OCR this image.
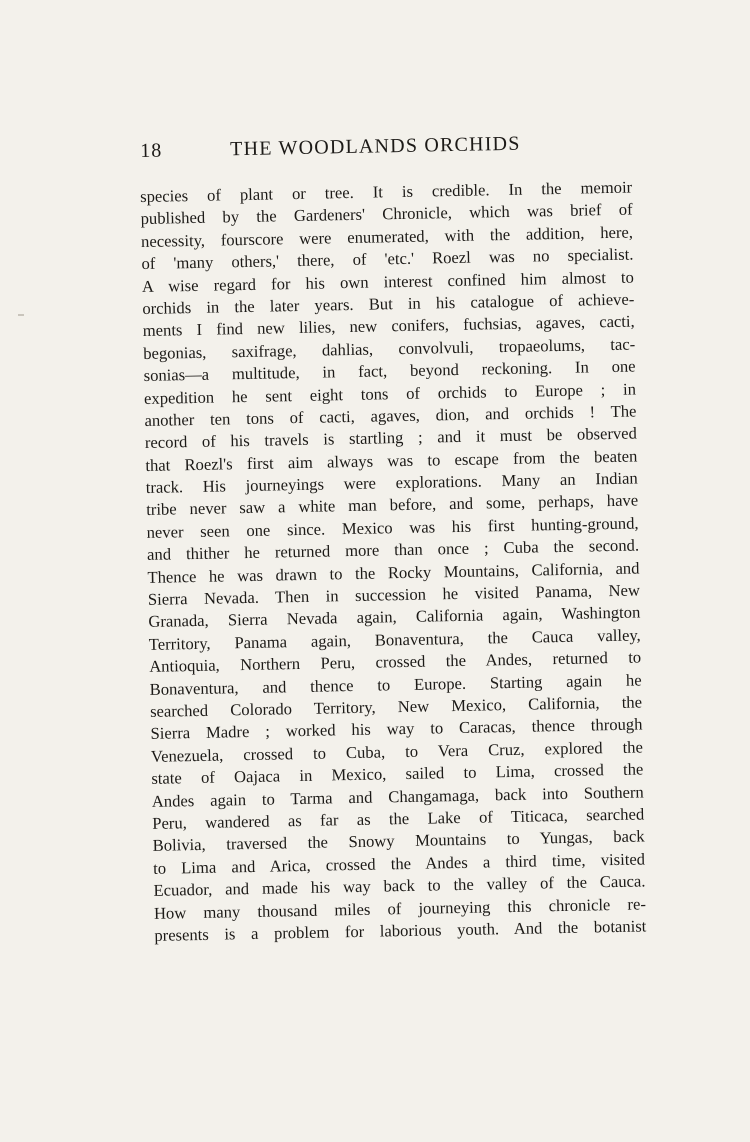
18	THE WOODLANDS ORCHIDS
species of plant or tree. It is credible. In the memoir
published by the Gardeners' Chronicle, which was brief of
necessity, fourscore were enumerated, with the addition, here,
of 'many others,' there, of 'etc.' Roezl was no specialist.
A wise regard for his own interest confined him almost to
orchids in the later years. But in his catalogue of achieve-
ments I find new lilies, new conifers, fuchsias, agaves, cacti,
begonias, saxifrage, dahlias, convolvuli, tropaeolums, tac-
sonias—a multitude, in fact, beyond reckoning. In one
expedition he sent eight tons of orchids to Europe ; in
another ten tons of cacti, agaves, dion, and orchids ! The
record of his travels is startling ; and it must be observed
that Roezl's first aim always was to escape from the beaten
track. His journeyings were explorations. Many an Indian
tribe never saw a white man before, and some, perhaps, have
never seen one since. Mexico was his first hunting-ground,
and thither he returned more than once ; Cuba the second.
Thence he was drawn to the Rocky Mountains, California, and
Sierra Nevada. Then in succession he visited Panama, New
Granada, Sierra Nevada again, California again, Washington
Territory, Panama again, Bonaventura, the Cauca valley,
Antioquia, Northern Peru, crossed the Andes, returned to
Bonaventura, and thence to Europe. Starting again he
searched Colorado Territory, New Mexico, California, the
Sierra Madre ; worked his way to Caracas, thence through
Venezuela, crossed to Cuba, to Vera Cruz, explored the
state of Oajaca in Mexico, sailed to Lima, crossed the
Andes again to Tarma and Changamaga, back into Southern
Peru, wandered as far as the Lake of Titicaca, searched
Bolivia, traversed the Snowy Mountains to Yungas, back
to Lima and Arica, crossed the Andes a third time, visited
Ecuador, and made his way back to the valley of the Cauca.
How many thousand miles of journeying this chronicle re-
presents is a problem for laborious youth. And the botanist
